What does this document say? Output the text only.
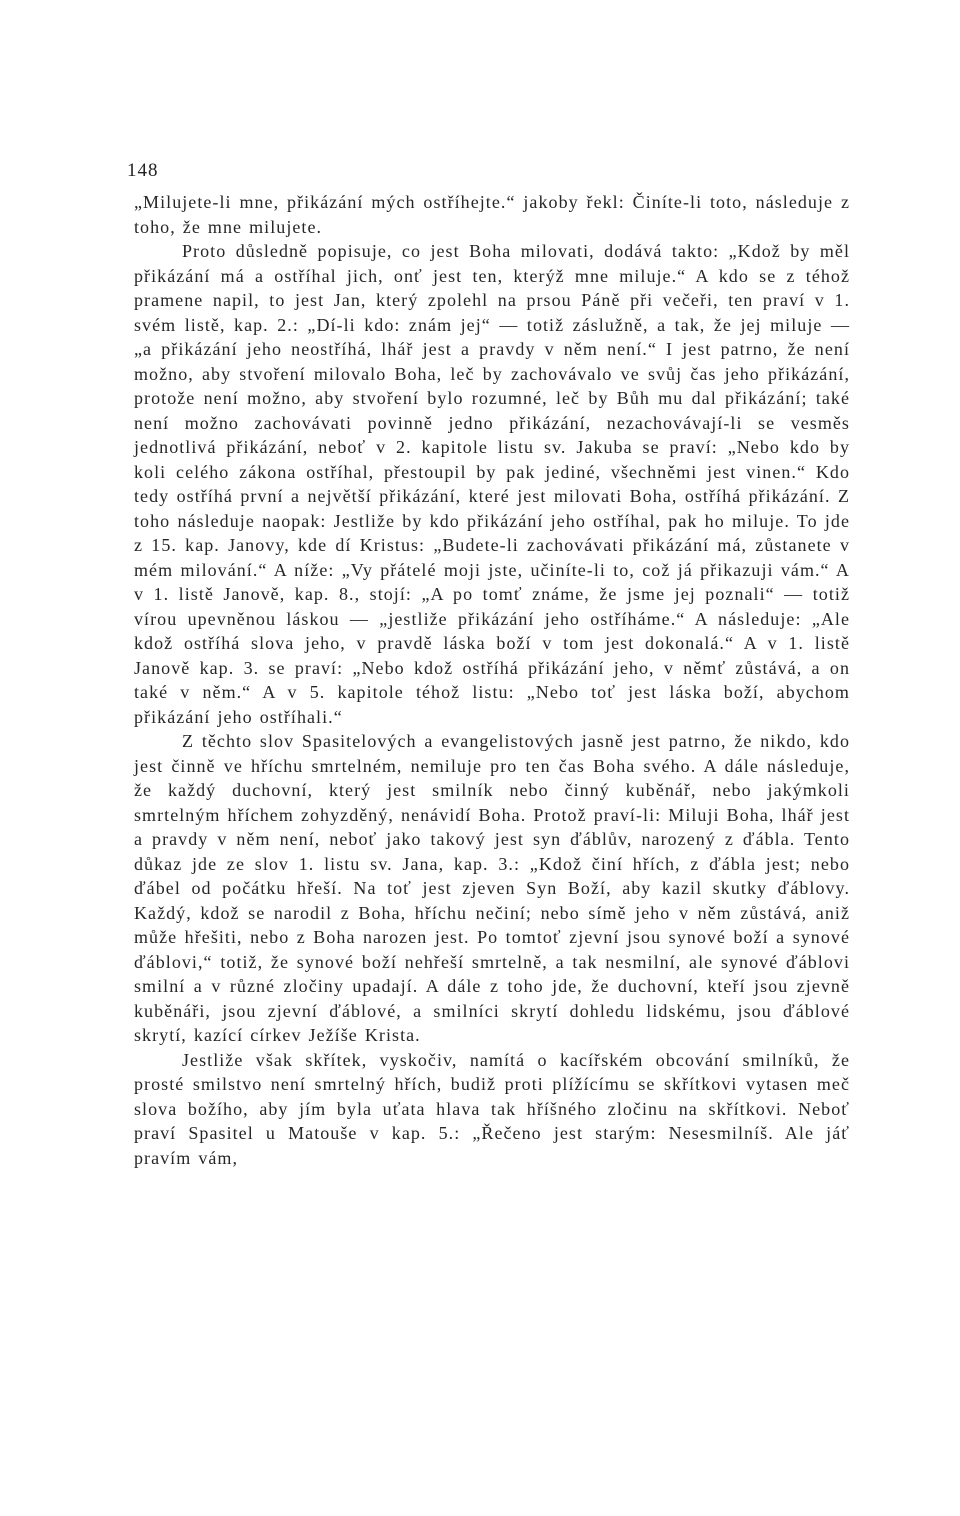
148

„Milujete-li mne, přikázání mých ostříhejte.“ jakoby řekl: Činíte-li toto, následuje z toho, že mne milujete.

Proto důsledně popisuje, co jest Boha milovati, dodává takto: „Kdož by měl přikázání má a ostříhal jich, onť jest ten, kterýž mne miluje.“ A kdo se z téhož pramene napil, to jest Jan, který zpolehl na prsou Páně při večeři, ten praví v 1. svém listě, kap. 2.: „Dí-li kdo: znám jej“ — totiž záslužně, a tak, že jej miluje — „a přikázání jeho neostříhá, lhář jest a pravdy v něm není.“ I jest patrno, že není možno, aby stvoření milovalo Boha, leč by zachovávalo ve svůj čas jeho přikázání, protože není možno, aby stvoření bylo rozumné, leč by Bůh mu dal přikázání; také není možno zachovávati povinně jedno přikázání, nezachovávají-li se vesměs jednotlivá přikázání, neboť v 2. kapitole listu sv. Jakuba se praví: „Nebo kdo by koli celého zákona ostříhal, přestoupil by pak jediné, všechněmi jest vinen.“ Kdo tedy ostříhá první a největší přikázání, které jest milovati Boha, ostříhá přikázání. Z toho následuje naopak: Jestliže by kdo přikázání jeho ostříhal, pak ho miluje. To jde z 15. kap. Janovy, kde dí Kristus: „Budete-li zachovávati přikázání má, zůstanete v mém milování.“ A níže: „Vy přátelé moji jste, učiníte-li to, což já přikazuji vám.“ A v 1. listě Janově, kap. 8., stojí: „A po tomť známe, že jsme jej poznali“ — totiž vírou upevněnou láskou — „jestliže přikázání jeho ostříháme.“ A následuje: „Ale kdož ostříhá slova jeho, v pravdě láska boží v tom jest dokonalá.“ A v 1. listě Janově kap. 3. se praví: „Nebo kdož ostříhá přikázání jeho, v němť zůstává, a on také v něm.“ A v 5. kapitole téhož listu: „Nebo toť jest láska boží, abychom přikázání jeho ostříhali.“

Z těchto slov Spasitelových a evangelistových jasně jest patrno, že nikdo, kdo jest činně ve hříchu smrtelném, nemiluje pro ten čas Boha svého. A dále následuje, že každý duchovní, který jest smilník nebo činný kuběnář, nebo jakýmkoli smrtelným hříchem zohyzděný, nenávidí Boha. Protož praví-li: Miluji Boha, lhář jest a pravdy v něm není, neboť jako takový jest syn ďáblův, narozený z ďábla. Tento důkaz jde ze slov 1. listu sv. Jana, kap. 3.: „Kdož činí hřích, z ďábla jest; nebo ďábel od počátku hřeší. Na toť jest zjeven Syn Boží, aby kazil skutky ďáblovy. Každý, kdož se narodil z Boha, hříchu nečiní; nebo símě jeho v něm zůstává, aniž může hřešiti, nebo z Boha narozen jest. Po tomtoť zjevní jsou synové boží a synové ďáblovi,“ totiž, že synové boží nehřeší smrtelně, a tak nesmilní, ale synové ďáblovi smilní a v různé zločiny upadají. A dále z toho jde, že duchovní, kteří jsou zjevně kuběnáři, jsou zjevní ďáblové, a smilníci skrytí dohledu lidskému, jsou ďáblové skrytí, kazící církev Ježíše Krista.

Jestliže však skřítek, vyskočiv, namítá o kacířském obcování smilníků, že prosté smilstvo není smrtelný hřích, budiž proti plížícímu se skřítkovi vytasen meč slova božího, aby jím byla uťata hlava tak hříšného zločinu na skřítkovi. Neboť praví Spasitel u Matouše v kap. 5.: „Řečeno jest starým: Nesesmilníš. Ale jáť pravím vám,
